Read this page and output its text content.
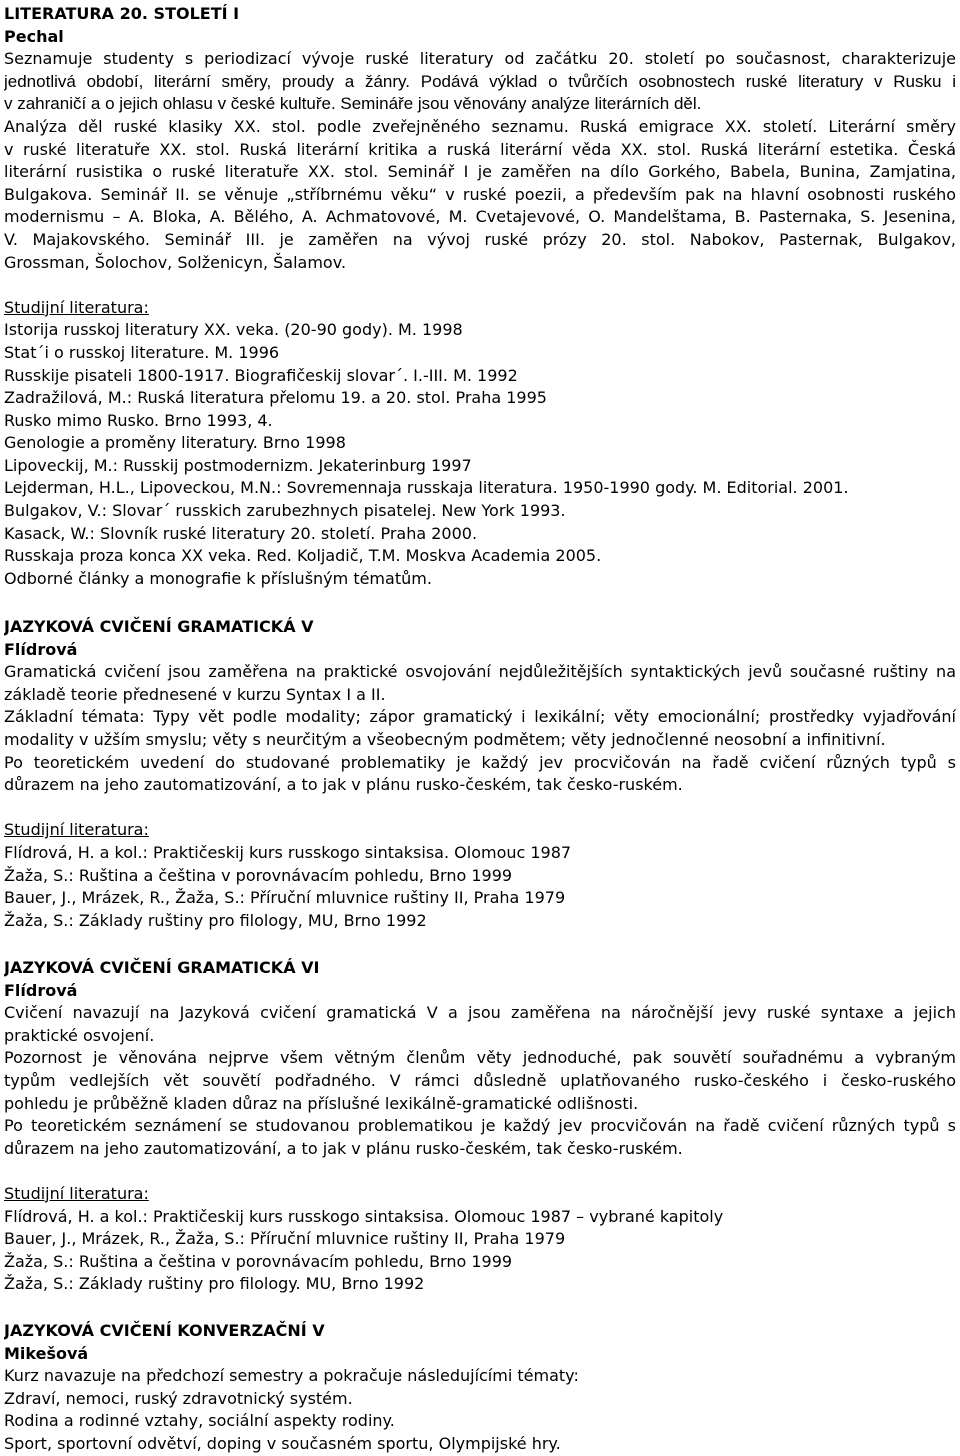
LITERATURA 20. STOLETÍ I
Pechal
Seznamuje studenty s periodizací vývoje ruské literatury od začátku 20. století po současnost, charakterizuje
jednotlivá období, literární směry, proudy a žánry. Podává výklad o tvůrčích osobnostech ruské literatury v Rusku i
v zahraničí a o jejich ohlasu v české kultuře. Semináře jsou věnovány analýze literárních děl.
Analýza děl ruské klasiky XX. stol. podle zveřejněného seznamu. Ruská emigrace XX. století. Literární směry
v ruské literatuře XX. stol. Ruská literární kritika a ruská literární věda XX. stol. Ruská literární estetika. Česká
literární rusistika o ruské literatuře XX. stol. Seminář I je zaměřen na dílo Gorkého, Babela, Bunina, Zamjatina,
Bulgakova. Seminář II. se věnuje „stříbrnému věku“ v ruské poezii, a především pak na hlavní osobnosti ruského
modernismu – A. Bloka, A. Bělého, A. Achmatovové, M. Cvetajevové, O. Mandelštama, B. Pasternaka, S. Jesenina,
V. Majakovského. Seminář III. je zaměřen na vývoj ruské prózy 20. stol. Nabokov, Pasternak, Bulgakov,
Grossman, Šolochov, Solženicyn, Šalamov.
Studijní literatura:
Istorija russkoj literatury XX. veka. (20-90 gody). M. 1998
Stat´i o russkoj literature. M. 1996
Russkije pisateli 1800-1917. Biografičeskij slovar´. I.-III. M. 1992
Zadražilová, M.: Ruská literatura přelomu 19. a 20. stol. Praha 1995
Rusko mimo Rusko. Brno 1993, 4.
Genologie a proměny literatury. Brno 1998
Lipoveckij, M.: Russkij postmodernizm. Jekaterinburg 1997
Lejderman, H.L., Lipoveckou, M.N.: Sovremennaja russkaja literatura. 1950-1990 gody. M. Editorial. 2001.
Bulgakov, V.: Slovar´ russkich zarubezhnych pisatelej. New York 1993.
Kasack, W.: Slovník ruské literatury 20. století. Praha 2000.
Russkaja proza konca XX veka. Red. Koljadič, T.M. Moskva Academia 2005.
Odborné články a monografie k příslušným tématům.
JAZYKOVÁ CVIČENÍ GRAMATICKÁ V
Flídrová
Gramatická cvičení jsou zaměřena na praktické osvojování nejdůležitějších syntaktických jevů současné ruštiny na
základě teorie přednesené v kurzu Syntax I a II.
Základní témata: Typy vět podle modality; zápor gramatický i lexikální; věty emocionální; prostředky vyjadřování
modality v užším smyslu; věty s neurčitým a všeobecným podmětem; věty jednočlenné neosobní a infinitivní.
Po teoretickém uvedení do studované problematiky je každý jev procvičován na řadě cvičení různých typů s
důrazem na jeho zautomatizování, a to jak v plánu rusko-českém, tak česko-ruském.
Studijní literatura:
Flídrová, H. a kol.: Praktičeskij kurs russkogo sintaksisa. Olomouc 1987
Žaža, S.: Ruština a čeština v porovnávacím pohledu, Brno 1999
Bauer, J., Mrázek, R., Žaža, S.: Příruční mluvnice ruštiny II, Praha 1979
Žaža, S.: Základy ruštiny pro filology, MU, Brno 1992
JAZYKOVÁ CVIČENÍ GRAMATICKÁ VI
Flídrová
Cvičení navazují na Jazyková cvičení gramatická V a jsou zaměřena na náročnější jevy ruské syntaxe a jejich
praktické osvojení.
Pozornost je věnována nejprve všem větným členům věty jednoduché, pak souvětí souřadnému a vybraným
typům vedlejších vět souvětí podřadného. V rámci důsledně uplatňovaného rusko-českého i česko-ruského
pohledu je průběžně kladen důraz na příslušné lexikálně-gramatické odlišnosti.
Po teoretickém seznámení se studovanou problematikou je každý jev procvičován na řadě cvičení různých typů s
důrazem na jeho zautomatizování, a to jak v plánu rusko-českém, tak česko-ruském.
Studijní literatura:
Flídrová, H. a kol.: Praktičeskij kurs russkogo sintaksisa. Olomouc 1987 – vybrané kapitoly
Bauer, J., Mrázek, R., Žaža, S.: Příruční mluvnice ruštiny II, Praha 1979
Žaža, S.: Ruština a čeština v porovnávacím pohledu, Brno 1999
Žaža, S.: Základy ruštiny pro filology. MU, Brno 1992
JAZYKOVÁ CVIČENÍ KONVERZAČNÍ V
Mikešová
Kurz navazuje na předchozí semestry a pokračuje následujícími tématy:
Zdraví, nemoci, ruský zdravotnický systém.
Rodina a rodinné vztahy, sociální aspekty rodiny.
Sport, sportovní odvětví, doping v současném sportu, Olympijské hry.
